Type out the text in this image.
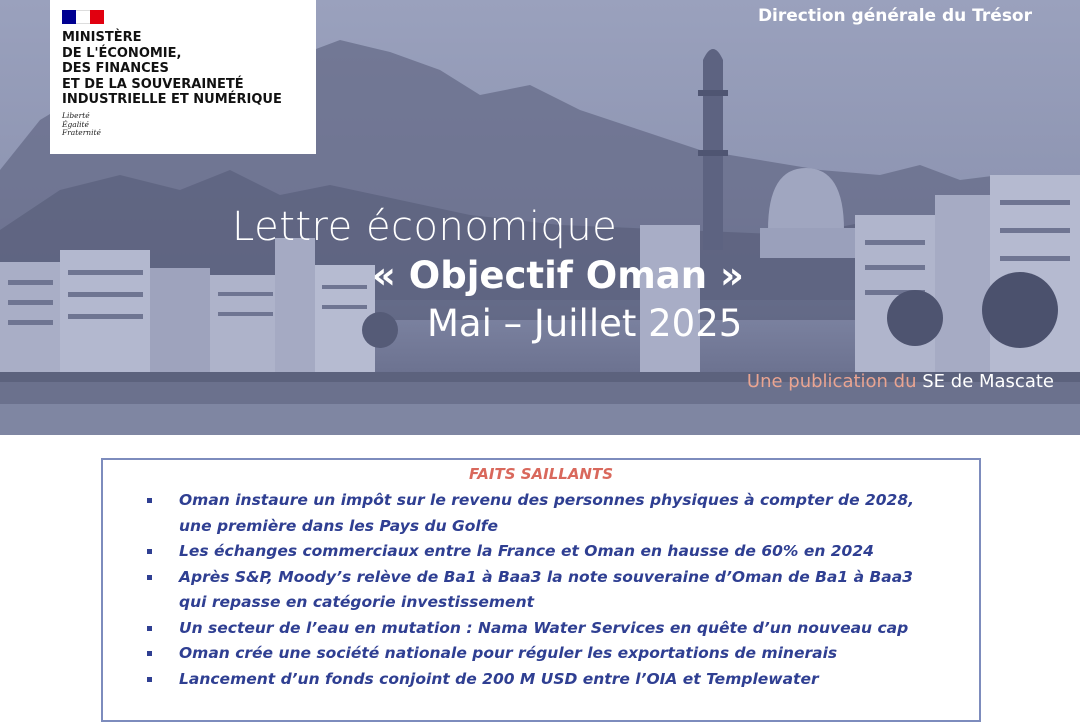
Direction générale du Trésor
Lettre économique
« Objectif Oman »
Mai – Juillet 2025
Une publication du SE de Mascate
MINISTÈRE
DE L'ÉCONOMIE,
DES FINANCES
ET DE LA SOUVERAINETÉ
INDUSTRIELLE ET NUMÉRIQUE
Liberté
Égalité
Fraternité
FAITS SAILLANTS
Oman instaure un impôt sur le revenu des personnes physiques à compter de 2028, une première dans les Pays du Golfe
Les échanges commerciaux entre la France et Oman en hausse de 60% en 2024
Après S&P, Moody’s relève de Ba1 à Baa3 la note souveraine d’Oman de Ba1 à Baa3 qui repasse en catégorie investissement
Un secteur de l’eau en mutation : Nama Water Services en quête d’un nouveau cap
Oman crée une société nationale pour réguler les exportations de minerais
Lancement d’un fonds conjoint de 200 M USD entre l’OIA et Templewater
